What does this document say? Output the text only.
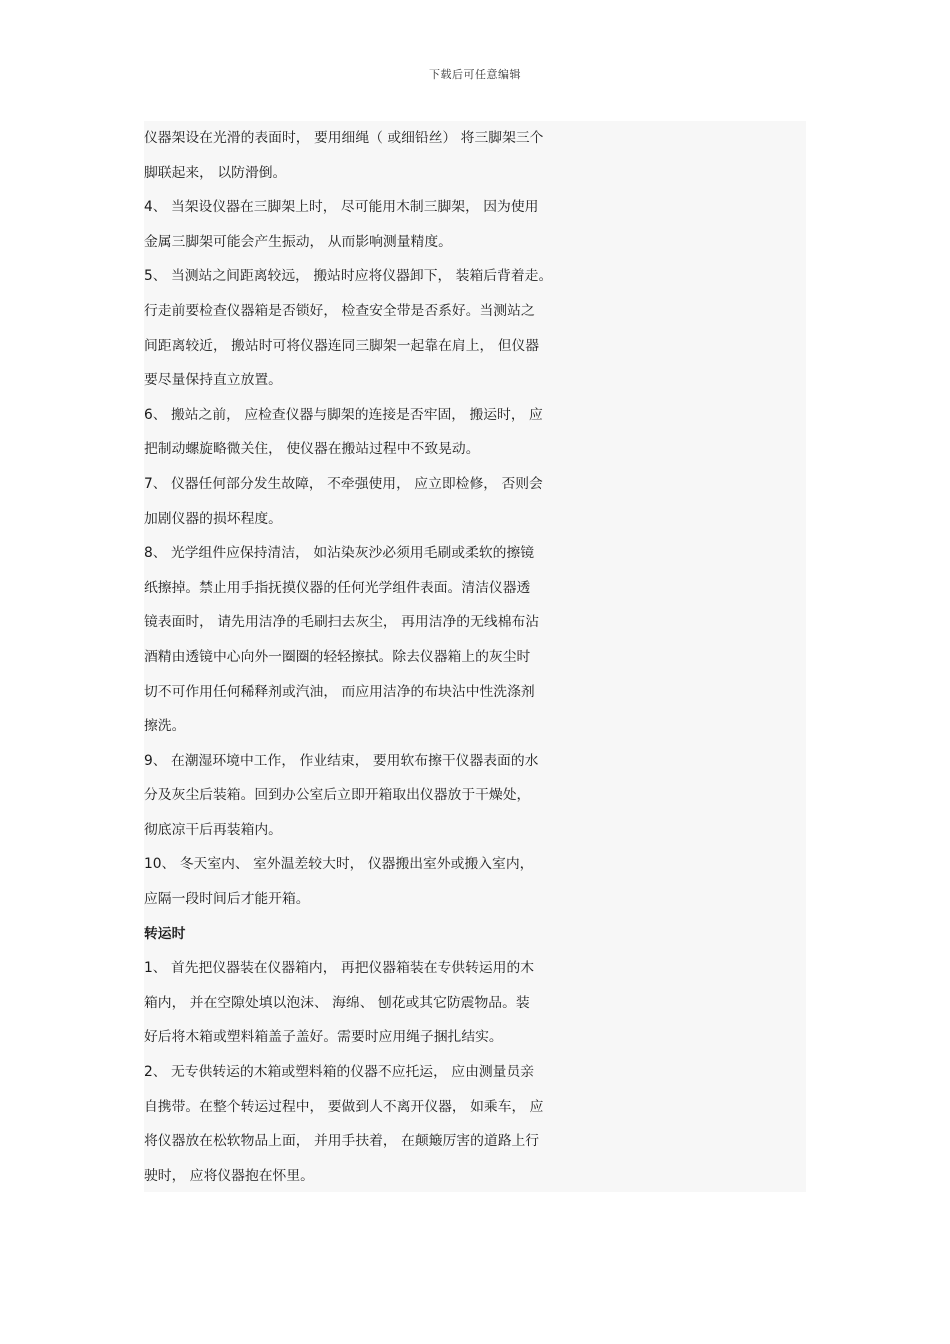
下载后可任意编辑
仪器架设在光滑的表面时， 要用细绳（ 或细铅丝） 将三脚架三个
脚联起来， 以防滑倒。
4、 当架设仪器在三脚架上时， 尽可能用木制三脚架， 因为使用
金属三脚架可能会产生振动， 从而影响测量精度。
5、 当测站之间距离较远， 搬站时应将仪器卸下， 装箱后背着走。
行走前要检查仪器箱是否锁好， 检查安全带是否系好。当测站之
间距离较近， 搬站时可将仪器连同三脚架一起靠在肩上， 但仪器
要尽量保持直立放置。
6、 搬站之前， 应检查仪器与脚架的连接是否牢固， 搬运时， 应
把制动螺旋略微关住， 使仪器在搬站过程中不致晃动。
7、 仪器任何部分发生故障， 不牵强使用， 应立即检修， 否则会
加剧仪器的损坏程度。
8、 光学组件应保持清洁， 如沾染灰沙必须用毛刷或柔软的擦镜
纸擦掉。禁止用手指抚摸仪器的任何光学组件表面。清洁仪器透
镜表面时， 请先用洁净的毛刷扫去灰尘， 再用洁净的无线棉布沾
酒精由透镜中心向外一圈圈的轻轻擦拭。除去仪器箱上的灰尘时
切不可作用任何稀释剂或汽油， 而应用洁净的布块沾中性洗涤剂
擦洗。
9、 在潮湿环境中工作， 作业结束， 要用软布擦干仪器表面的水
分及灰尘后装箱。回到办公室后立即开箱取出仪器放于干燥处，
彻底凉干后再装箱内。
10、 冬天室内、 室外温差较大时， 仪器搬出室外或搬入室内，
应隔一段时间后才能开箱。
转运时
1、 首先把仪器装在仪器箱内， 再把仪器箱装在专供转运用的木
箱内， 并在空隙处填以泡沫、 海绵、 刨花或其它防震物品。装
好后将木箱或塑料箱盖子盖好。需要时应用绳子捆扎结实。
2、 无专供转运的木箱或塑料箱的仪器不应托运， 应由测量员亲
自携带。在整个转运过程中， 要做到人不离开仪器， 如乘车， 应
将仪器放在松软物品上面， 并用手扶着， 在颠簸厉害的道路上行
驶时， 应将仪器抱在怀里。
